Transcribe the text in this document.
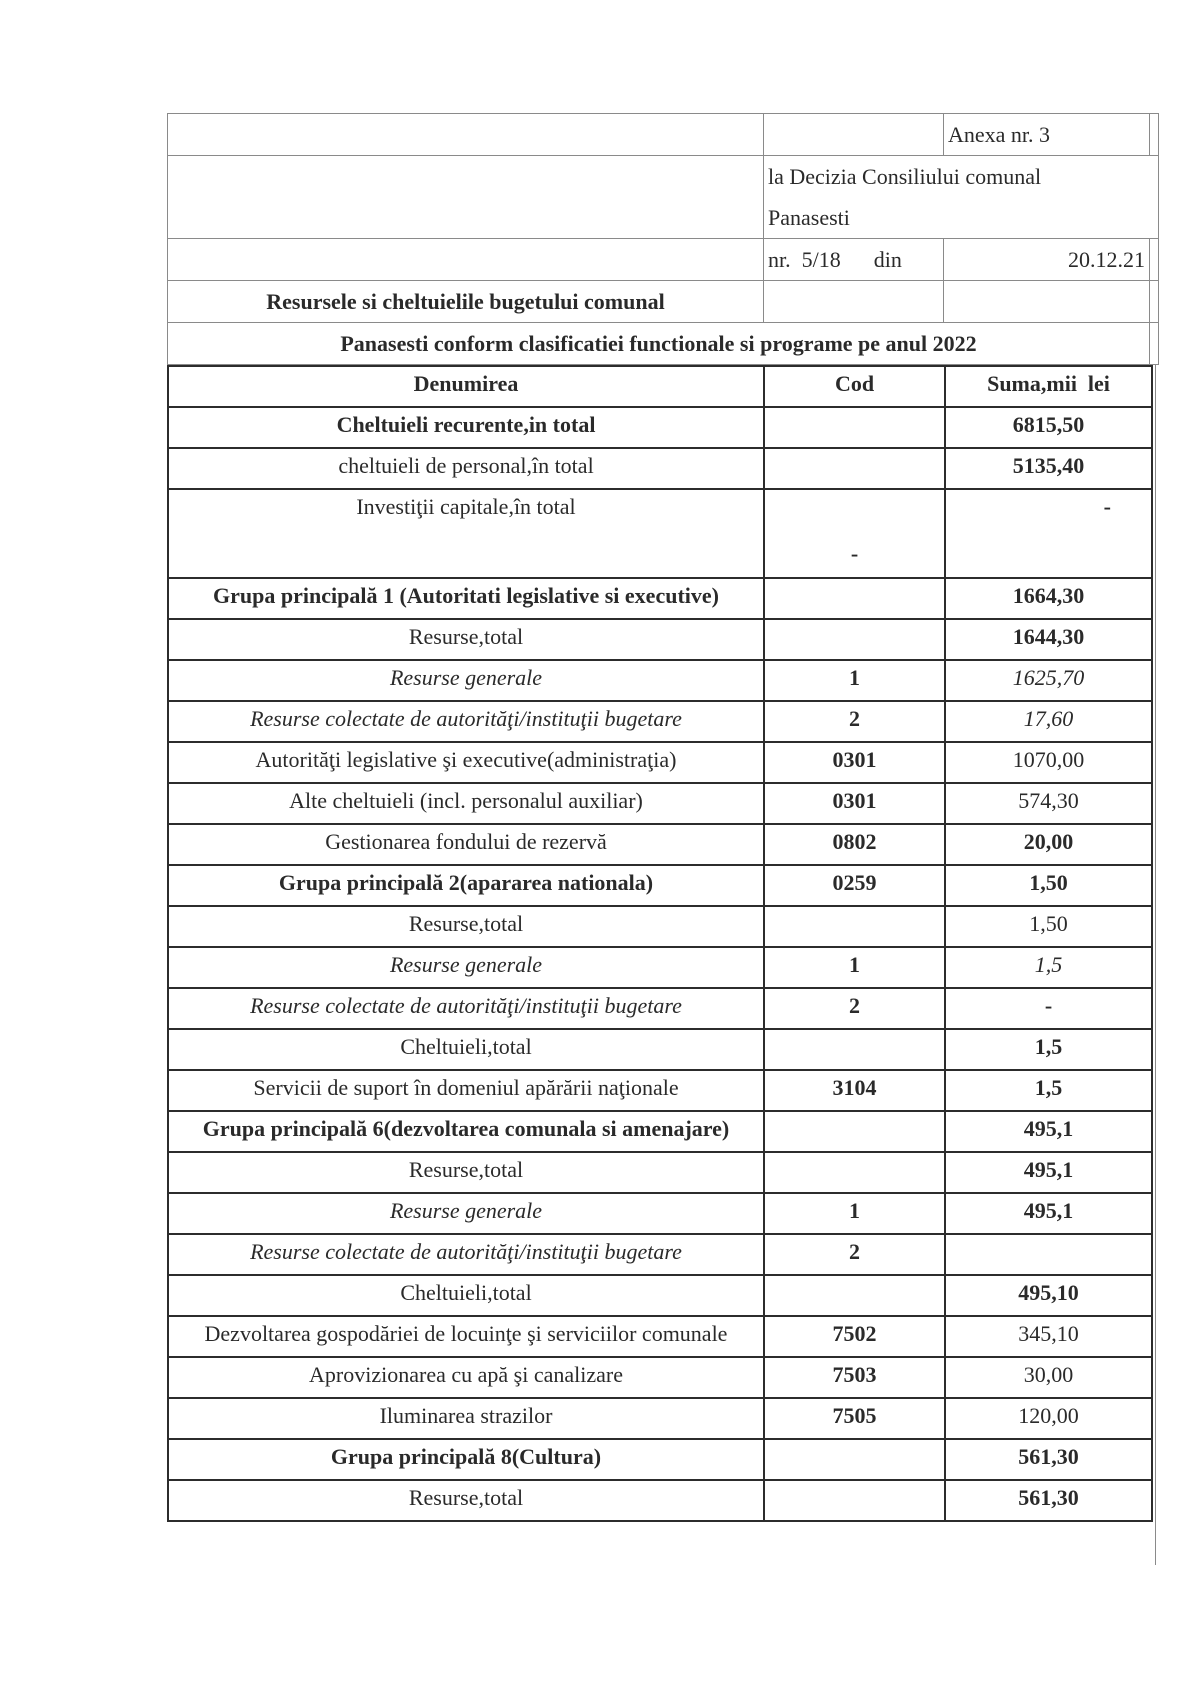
		Anexa nr. 3	

	la Decizia Consiliului comunal
Panasesti		

	nr.  5/18      din	20.12.21	
Resursele si cheltuielile bugetului comunal			
Panasesti conform clasificatiei functionale si programe pe anul 2022			
Denumirea	Cod	Suma,mii  lei
Cheltuieli recurente,in total		6815,50
cheltuieli de personal,în total		5135,40
Investiţii capitale,în total	-	-
Grupa principală 1 (Autoritati legislative si executive)		1664,30
Resurse,total		1644,30
Resurse generale	1	1625,70
Resurse colectate de autorităţi/instituţii bugetare	2	17,60
Autorităţi legislative şi executive(administraţia)	0301	1070,00
Alte cheltuieli (incl. personalul auxiliar)	0301	574,30
Gestionarea fondului de rezervă	0802	20,00
Grupa principală 2(apararea nationala)	0259	1,50
Resurse,total		1,50
Resurse generale	1	1,5
Resurse colectate de autorităţi/instituţii bugetare	2	-
Cheltuieli,total		1,5
Servicii de suport în domeniul apărării naţionale	3104	1,5
Grupa principală 6(dezvoltarea comunala si amenajare)		495,1
Resurse,total		495,1
Resurse generale	1	495,1
Resurse colectate de autorităţi/instituţii bugetare	2	
Cheltuieli,total		495,10
Dezvoltarea gospodăriei de locuinţe şi serviciilor comunale	7502	345,10
Aprovizionarea cu apă şi canalizare	7503	30,00
Iluminarea strazilor	7505	120,00
Grupa principală 8(Cultura)		561,30
Resurse,total		561,30
